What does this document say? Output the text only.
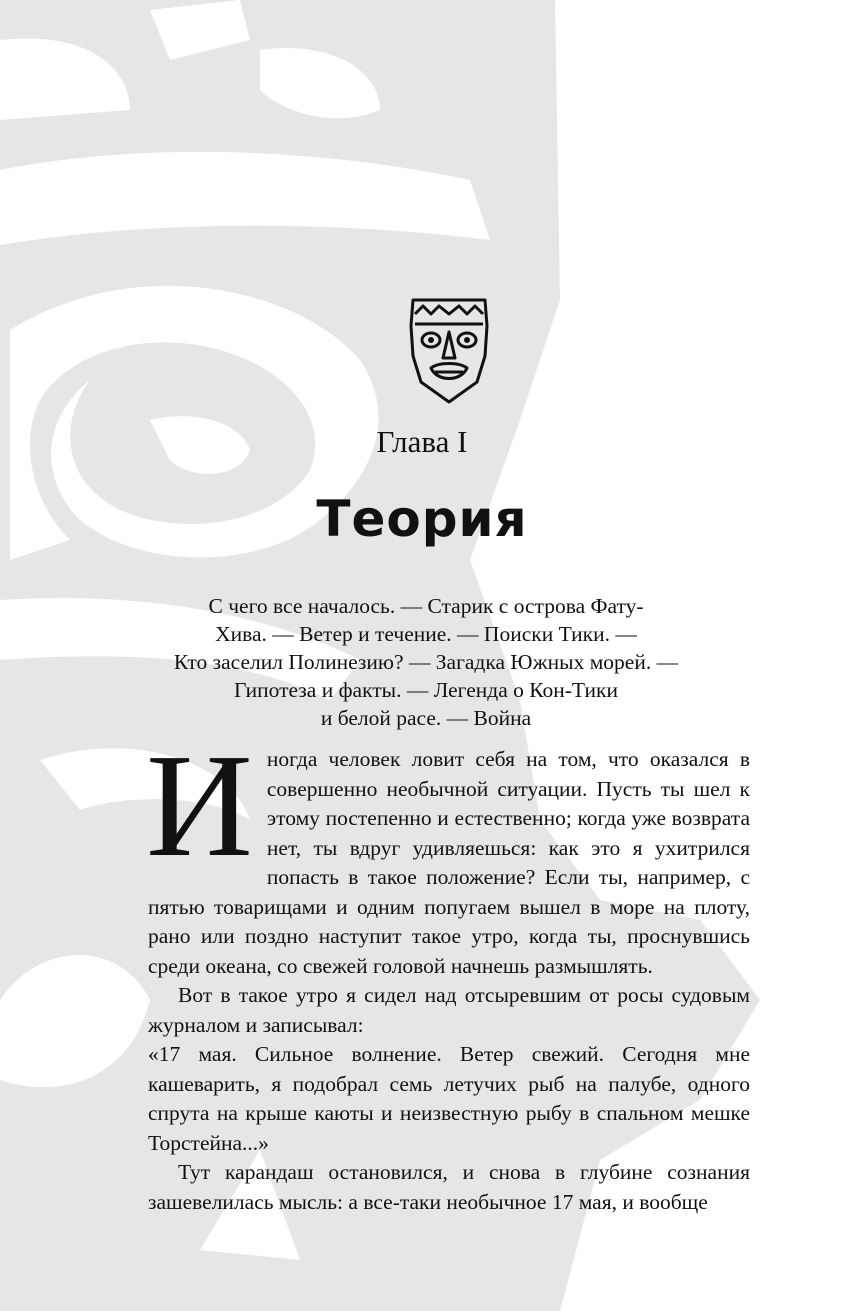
Глава I
Теория
С чего все началось. — Старик с острова Фату-
Хива. — Ветер и течение. — Поиски Тики. —
Кто заселил Полинезию? — Загадка Южных морей. —
Гипотеза и факты. — Легенда о Кон-Тики
и белой расе. — Война

Иногда человек ловит себя на том, что оказался в совершенно необычной ситуации. Пусть ты шел к этому постепенно и естественно; когда уже возврата нет, ты вдруг удивляешься: как это я ухитрился попасть в такое положение? Если ты, например, с пятью товарищами и одним попугаем вышел в море на плоту, рано или поздно наступит такое утро, когда ты, проснувшись среди океана, со свежей головой начнешь размышлять.

Вот в такое утро я сидел над отсыревшим от росы судовым журналом и записывал:

«17 мая. Сильное волнение. Ветер свежий. Сегодня мне кашеварить, я подобрал семь летучих рыб на палубе, одного спрута на крыше каюты и неизвестную рыбу в спальном мешке Торстейна...»

Тут карандаш остановился, и снова в глубине сознания зашевелилась мысль: а все-таки необычное 17 мая, и вообще
